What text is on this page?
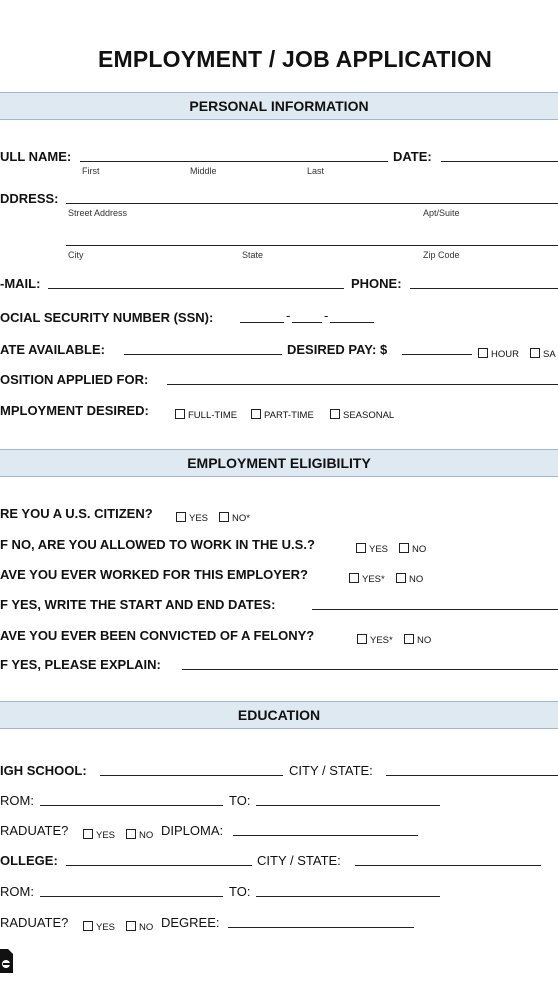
EMPLOYMENT / JOB APPLICATION
PERSONAL INFORMATION
ULL NAME:
First	Middle	Last
DATE:
DDRESS:
Street Address	Apt/Suite
City	State	Zip Code
-MAIL:	PHONE:
OCIAL SECURITY NUMBER (SSN):	-	-
ATE AVAILABLE:	DESIRED PAY: $	HOUR	SA
OSITION APPLIED FOR:
MPLOYMENT DESIRED:	FULL-TIME	PART-TIME	SEASONAL
EMPLOYMENT ELIGIBILITY
RE YOU A U.S. CITIZEN?	YES	NO*
F NO, ARE YOU ALLOWED TO WORK IN THE U.S.?	YES	NO
AVE YOU EVER WORKED FOR THIS EMPLOYER?	YES*	NO
F YES, WRITE THE START AND END DATES:
AVE YOU EVER BEEN CONVICTED OF A FELONY?	YES*	NO
F YES, PLEASE EXPLAIN:
EDUCATION
IGH SCHOOL:	CITY / STATE:
ROM:	TO:
RADUATE?	YES	NO DIPLOMA:
OLLEGE:	CITY / STATE:
ROM:	TO:
RADUATE?	YES	NO DEGREE:
